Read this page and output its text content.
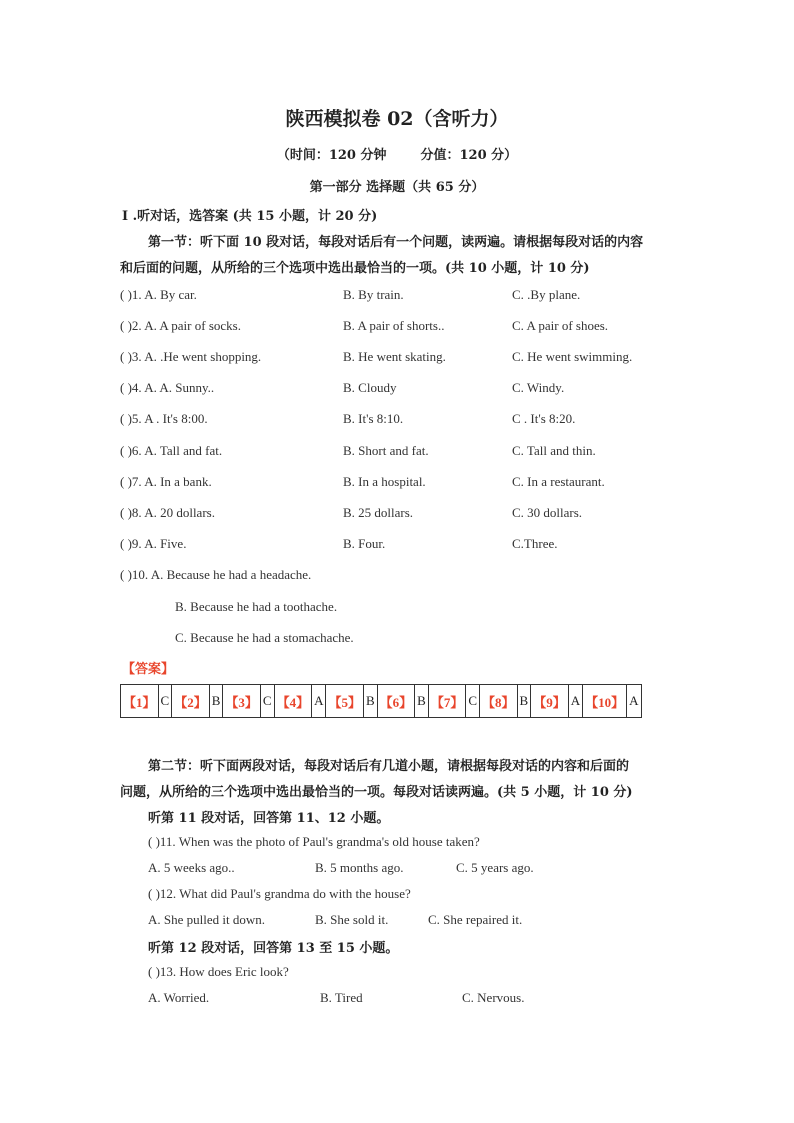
陕西模拟卷 02（含听力）
（时间：120 分钟	分值：120 分）
第一部分 选择题（共 65 分）
I .听对话，选答案 (共 15 小题，计 20 分)
第一节：听下面 10 段对话，每段对话后有一个问题，读两遍。请根据每段对话的内容
和后面的问题，从所给的三个选项中选出最恰当的一项。(共 10 小题，计 10 分)
( )1. A. By car.	B. By train.	C. .By plane.
( )2. A. A pair of socks.	B. A pair of shorts..	C. A pair of shoes.
( )3. A. .He went shopping.	B. He went skating.	C. He went swimming.
( )4. A. A. Sunny..	B. Cloudy	C. Windy.
( )5. A . It's 8:00.	B. It's 8:10.	C . It's 8:20.
( )6. A. Tall and fat.	B. Short and fat.	C. Tall and thin.
( )7. A. In a bank.	B. In a hospital.	C. In a restaurant.
( )8. A. 20 dollars.	B. 25 dollars.	C. 30 dollars.
( )9. A. Five.	B. Four.	C.Three.
( )10. A. Because he had a headache.
B. Because he had a toothache.
C. Because he had a stomachache.
【答案】
【1】	C	【2】	B	【3】	C	【4】	A	【5】	B	【6】	B	【7】	C	【8】	B	【9】	A	【10】	A
第二节：听下面两段对话，每段对话后有几道小题，请根据每段对话的内容和后面的
问题，从所给的三个选项中选出最恰当的一项。每段对话读两遍。(共 5 小题，计 10 分)
听第 11 段对话，回答第 11、12 小题。
( )11. When was the photo of Paul's grandma's old house taken?
A. 5 weeks ago..	B. 5 months ago.	C. 5 years ago.
( )12. What did Paul's grandma do with the house?
A. She pulled it down.	B. She sold it.	C. She repaired it.
听第 12 段对话，回答第 13 至 15 小题。
( )13. How does Eric look?
A. Worried.	B. Tired	C. Nervous.
